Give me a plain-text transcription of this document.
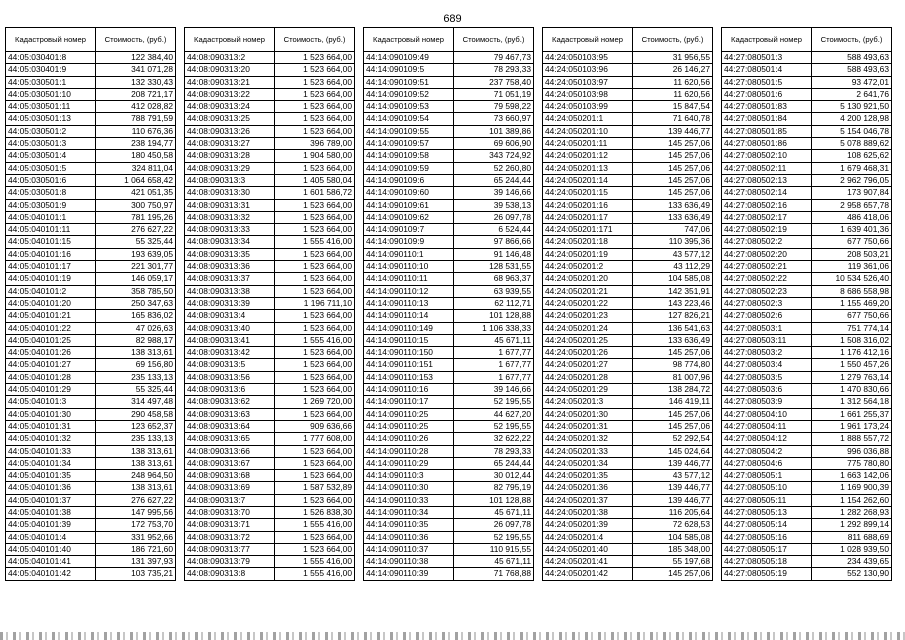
689
Кадастровый номер	Стоимость, (руб.)
44:05:030401:8	122 384,40
44:05:030401:9	341 071,28
44:05:030501:1	132 330,43
44:05:030501:10	208 721,17
44:05:030501:11	412 028,82
44:05:030501:13	788 791,59
44:05:030501:2	110 676,36
44:05:030501:3	238 194,77
44:05:030501:4	180 450,58
44:05:030501:5	324 811,04
44:05:030501:6	1 064 658,42
44:05:030501:8	421 051,35
44:05:030501:9	300 750,97
44:05:040101:1	781 195,26
44:05:040101:11	276 627,22
44:05:040101:15	55 325,44
44:05:040101:16	193 639,05
44:05:040101:17	221 301,77
44:05:040101:19	146 059,17
44:05:040101:2	358 785,50
44:05:040101:20	250 347,63
44:05:040101:21	165 836,02
44:05:040101:22	47 026,63
44:05:040101:25	82 988,17
44:05:040101:26	138 313,61
44:05:040101:27	69 156,80
44:05:040101:28	235 133,13
44:05:040101:29	55 325,44
44:05:040101:3	314 497,48
44:05:040101:30	290 458,58
44:05:040101:31	123 652,37
44:05:040101:32	235 133,13
44:05:040101:33	138 313,61
44:05:040101:34	138 313,61
44:05:040101:35	248 964,50
44:05:040101:36	138 313,61
44:05:040101:37	276 627,22
44:05:040101:38	147 995,56
44:05:040101:39	172 753,70
44:05:040101:4	331 952,66
44:05:040101:40	186 721,60
44:05:040101:41	131 397,93
44:05:040101:42	103 735,21
Кадастровый номер	Стоимость, (руб.)
44:08:090313:2	1 523 664,00
44:08:090313:20	1 523 664,00
44:08:090313:21	1 523 664,00
44:08:090313:22	1 523 664,00
44:08:090313:24	1 523 664,00
44:08:090313:25	1 523 664,00
44:08:090313:26	1 523 664,00
44:08:090313:27	396 789,00
44:08:090313:28	1 904 580,00
44:08:090313:29	1 523 664,00
44:08:090313:3	1 405 580,04
44:08:090313:30	1 601 586,72
44:08:090313:31	1 523 664,00
44:08:090313:32	1 523 664,00
44:08:090313:33	1 523 664,00
44:08:090313:34	1 555 416,00
44:08:090313:35	1 523 664,00
44:08:090313:36	1 523 664,00
44:08:090313:37	1 523 664,00
44:08:090313:38	1 523 664,00
44:08:090313:39	1 196 711,10
44:08:090313:4	1 523 664,00
44:08:090313:40	1 523 664,00
44:08:090313:41	1 555 416,00
44:08:090313:42	1 523 664,00
44:08:090313:5	1 523 664,00
44:08:090313:56	1 523 664,00
44:08:090313:6	1 523 664,00
44:08:090313:62	1 269 720,00
44:08:090313:63	1 523 664,00
44:08:090313:64	909 636,66
44:08:090313:65	1 777 608,00
44:08:090313:66	1 523 664,00
44:08:090313:67	1 523 664,00
44:08:090313:68	1 523 664,00
44:08:090313:69	1 587 532,89
44:08:090313:7	1 523 664,00
44:08:090313:70	1 526 838,30
44:08:090313:71	1 555 416,00
44:08:090313:72	1 523 664,00
44:08:090313:77	1 523 664,00
44:08:090313:79	1 555 416,00
44:08:090313:8	1 555 416,00
Кадастровый номер	Стоимость, (руб.)
44:14:090109:49	79 467,73
44:14:090109:5	78 293,33
44:14:090109:51	237 758,40
44:14:090109:52	71 051,19
44:14:090109:53	79 598,22
44:14:090109:54	73 660,97
44:14:090109:55	101 389,86
44:14:090109:57	69 606,90
44:14:090109:58	343 724,92
44:14:090109:59	52 260,80
44:14:090109:6	65 244,44
44:14:090109:60	39 146,66
44:14:090109:61	39 538,13
44:14:090109:62	26 097,78
44:14:090109:7	6 524,44
44:14:090109:9	97 866,66
44:14:090110:1	91 146,48
44:14:090110:10	128 531,55
44:14:090110:11	68 963,37
44:14:090110:12	63 939,55
44:14:090110:13	62 112,71
44:14:090110:14	101 128,88
44:14:090110:149	1 106 338,33
44:14:090110:15	45 671,11
44:14:090110:150	1 677,77
44:14:090110:151	1 677,77
44:14:090110:153	1 677,77
44:14:090110:16	39 146,66
44:14:090110:17	52 195,55
44:14:090110:25	44 627,20
44:14:090110:25	52 195,55
44:14:090110:26	32 622,22
44:14:090110:28	78 293,33
44:14:090110:29	65 244,44
44:14:090110:3	30 012,44
44:14:090110:30	82 795,19
44:14:090110:33	101 128,88
44:14:090110:34	45 671,11
44:14:090110:35	26 097,78
44:14:090110:36	52 195,55
44:14:090110:37	110 915,55
44:14:090110:38	45 671,11
44:14:090110:39	71 768,88
Кадастровый номер	Стоимость, (руб.)
44:24:050103:95	31 956,55
44:24:050103:96	26 146,27
44:24:050103:97	11 620,56
44:24:050103:98	11 620,56
44:24:050103:99	15 847,54
44:24:050201:1	71 640,78
44:24:050201:10	139 446,77
44:24:050201:11	145 257,06
44:24:050201:12	145 257,06
44:24:050201:13	145 257,06
44:24:050201:14	145 257,06
44:24:050201:15	145 257,06
44:24:050201:16	133 636,49
44:24:050201:17	133 636,49
44:24:050201:171	747,06
44:24:050201:18	110 395,36
44:24:050201:19	43 577,12
44:24:050201:2	43 112,29
44:24:050201:20	104 585,08
44:24:050201:21	142 351,91
44:24:050201:22	143 223,46
44:24:050201:23	127 826,21
44:24:050201:24	136 541,63
44:24:050201:25	133 636,49
44:24:050201:26	145 257,06
44:24:050201:27	98 774,80
44:24:050201:28	81 007,96
44:24:050201:29	138 284,72
44:24:050201:3	146 419,11
44:24:050201:30	145 257,06
44:24:050201:31	145 257,06
44:24:050201:32	52 292,54
44:24:050201:33	145 024,64
44:24:050201:34	139 446,77
44:24:050201:35	43 577,12
44:24:050201:36	139 446,77
44:24:050201:37	139 446,77
44:24:050201:38	116 205,64
44:24:050201:39	72 628,53
44:24:050201:4	104 585,08
44:24:050201:40	185 348,00
44:24:050201:41	55 197,68
44:24:050201:42	145 257,06
Кадастровый номер	Стоимость, (руб.)
44:27:080501:3	588 493,63
44:27:080501:4	588 493,63
44:27:080501:5	93 472,01
44:27:080501:6	2 641,76
44:27:080501:83	5 130 921,50
44:27:080501:84	4 200 128,98
44:27:080501:85	5 154 046,78
44:27:080501:86	5 078 889,62
44:27:080502:10	108 625,62
44:27:080502:11	1 679 468,31
44:27:080502:13	2 962 796,05
44:27:080502:14	173 907,84
44:27:080502:16	2 958 657,78
44:27:080502:17	486 418,06
44:27:080502:19	1 639 401,36
44:27:080502:2	677 750,66
44:27:080502:20	208 503,21
44:27:080502:21	119 361,06
44:27:080502:22	10 534 526,40
44:27:080502:23	8 686 558,98
44:27:080502:3	1 155 469,20
44:27:080502:6	677 750,66
44:27:080503:1	751 774,14
44:27:080503:11	1 508 316,02
44:27:080503:2	1 176 412,16
44:27:080503:4	1 550 457,26
44:27:080503:5	1 279 763,14
44:27:080503:6	1 470 830,66
44:27:080503:9	1 312 564,18
44:27:080504:10	1 661 255,37
44:27:080504:11	1 961 173,24
44:27:080504:12	1 888 557,72
44:27:080504:2	996 036,88
44:27:080504:6	775 780,80
44:27:080505:1	1 663 142,06
44:27:080505:10	1 169 900,39
44:27:080505:11	1 154 262,60
44:27:080505:13	1 282 268,93
44:27:080505:14	1 292 899,14
44:27:080505:16	811 688,69
44:27:080505:17	1 028 939,50
44:27:080505:18	234 439,65
44:27:080505:19	552 130,90
